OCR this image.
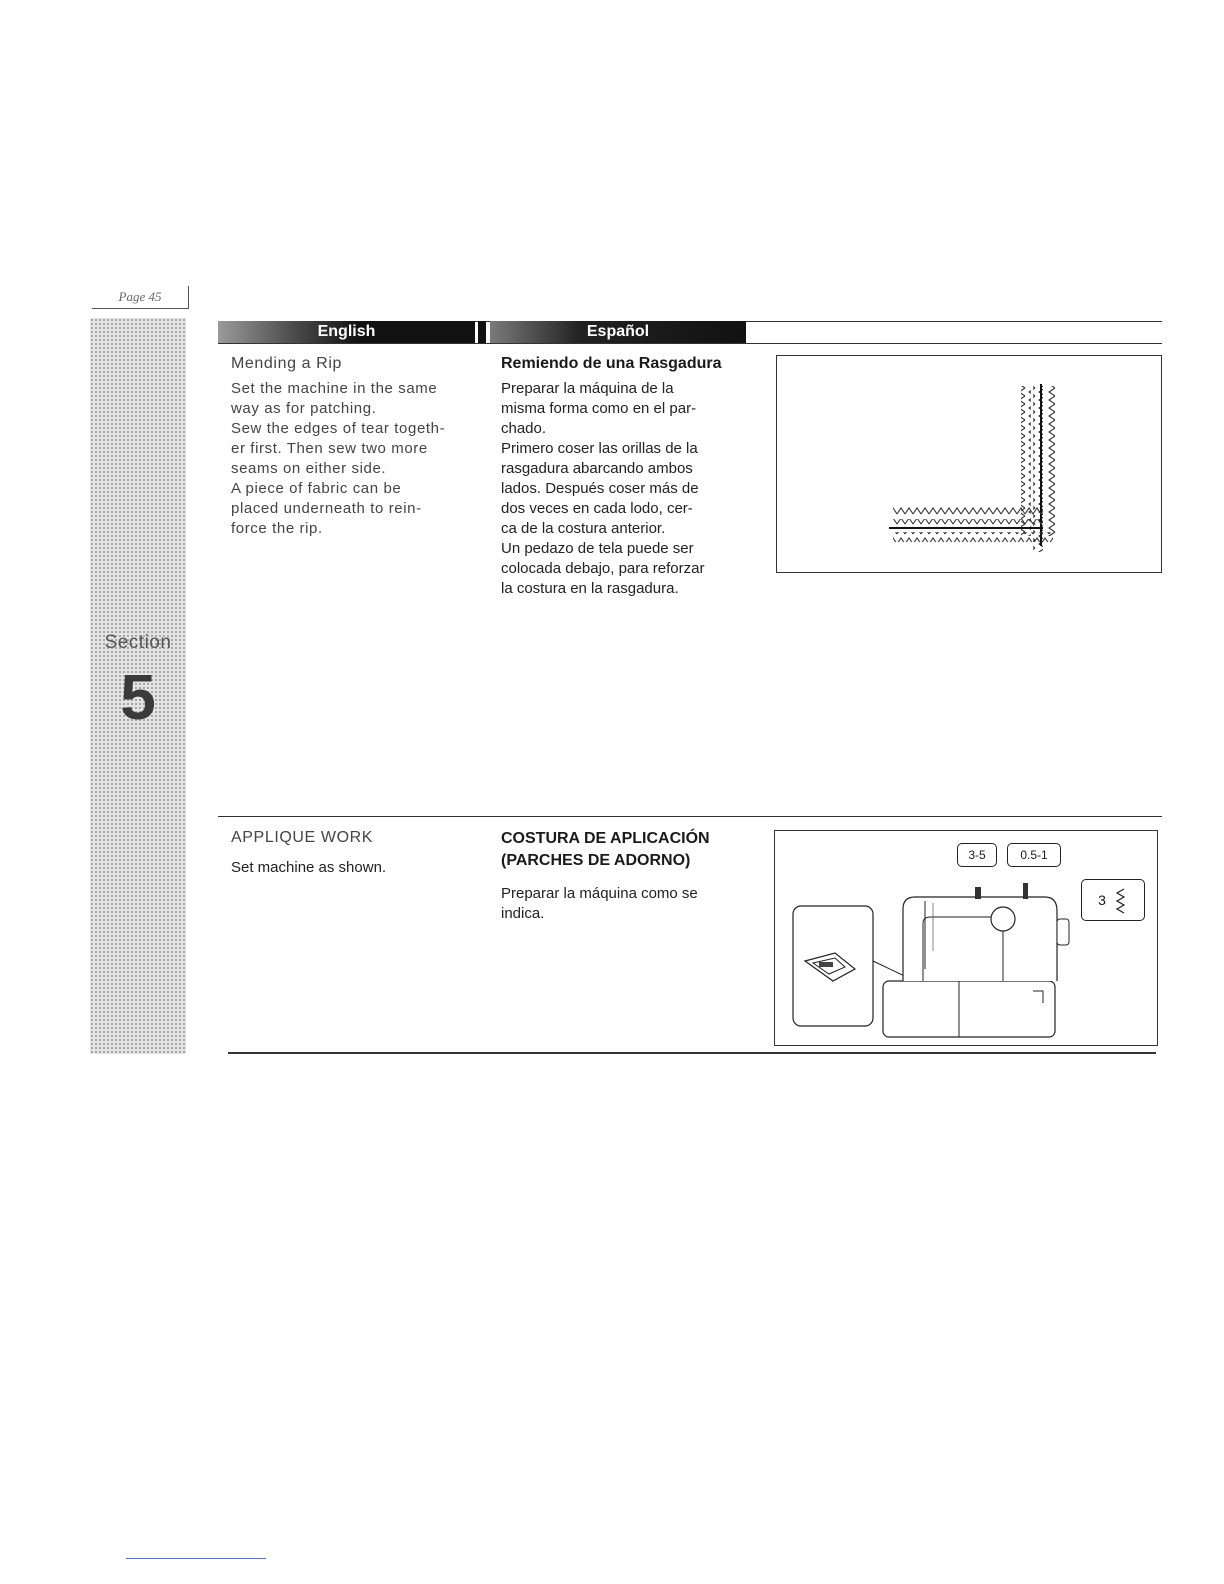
Page 45
Section
5
English	Español
Mending a Rip
Set the machine in the same
way as for patching.
Sew the edges of tear togeth-
er first. Then sew two more
seams on either side.
A piece of fabric can be
placed underneath to rein-
force the rip.
Remiendo de una Rasgadura
Preparar la máquina de la
misma forma como en el par-
chado.
Primero coser las orillas de la
rasgadura abarcando ambos
lados. Después coser más de
dos veces en cada lodo, cer-
ca de la costura anterior.
Un pedazo de tela puede ser
colocada debajo, para reforzar
la costura en la rasgadura.
APPLIQUE WORK
Set machine as shown.
COSTURA DE APLICACIÓN
(PARCHES DE ADORNO)
Preparar la máquina como se
indica.
3-5	0.5-1
3
